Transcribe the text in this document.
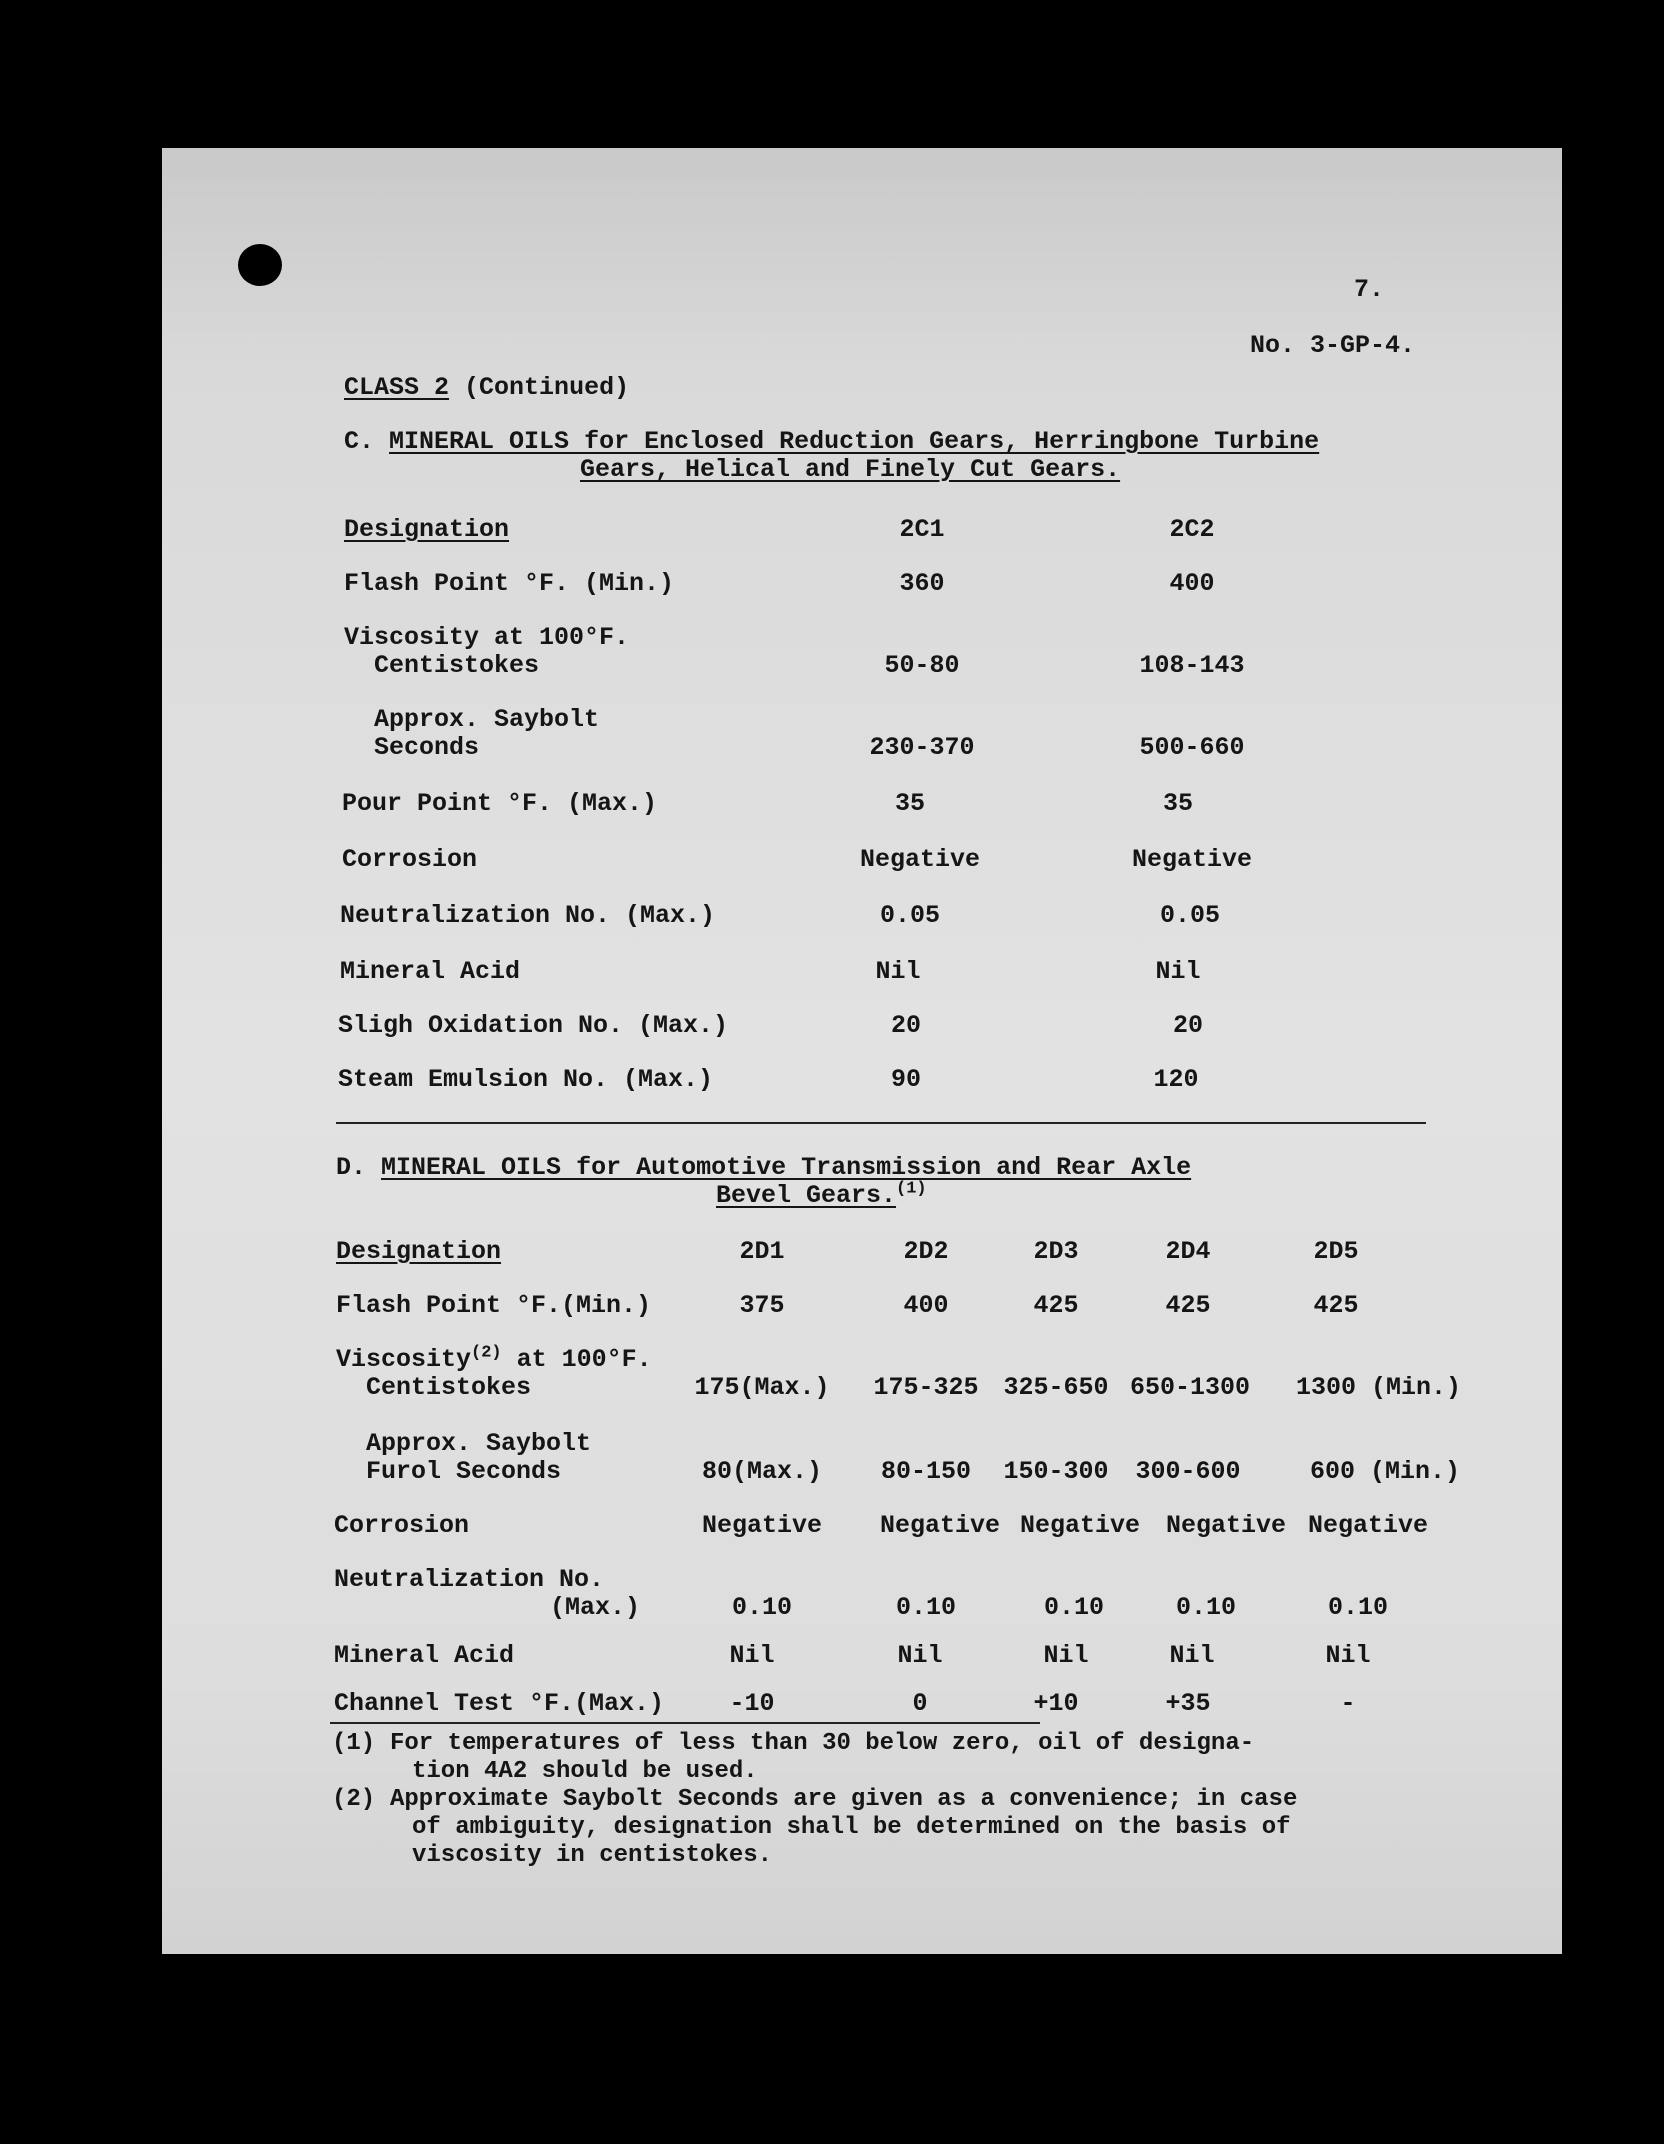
7.
No. 3-GP-4.
CLASS 2 (Continued)
C. MINERAL OILS for Enclosed Reduction Gears, Herringbone Turbine
Gears, Helical and Finely Cut Gears.
Designation	2C1	2C2
Flash Point °F. (Min.)	360	400
Viscosity at 100°F.
Centistokes	50-80	108-143
Approx. Saybolt
Seconds	230-370	500-660
Pour Point °F. (Max.)	35	35
Corrosion	Negative	Negative
Neutralization No. (Max.)	0.05	0.05
Mineral Acid	Nil	Nil
Sligh Oxidation No. (Max.)	20	20
Steam Emulsion No. (Max.)	90	120
D. MINERAL OILS for Automotive Transmission and Rear Axle
Bevel Gears.$^{(1)}$
Designation	2D1	2D2	2D3	2D4	2D5
Flash Point °F.(Min.)	375	400	425	425	425
Viscosity$^{(2)}$ at 100°F.
Centistokes	175(Max.)	175-325 325-650 650-1300	1300 (Min.)
Approx. Saybolt
Furol Seconds	80(Max.)	80-150	150-300	300-600	600 (Min.)
Corrosion	Negative	Negative Negative	Negative Negative
Neutralization No.
(Max.)	0.10	0.10	0.10	0.10	0.10
Mineral Acid	Nil	Nil	Nil	Nil	Nil
Channel Test °F.(Max.)	-10	0	+10	+35	-
(1) For temperatures of less than 30 below zero, oil of designa-
tion 4A2 should be used.
(2) Approximate Saybolt Seconds are given as a convenience; in case
of ambiguity, designation shall be determined on the basis of
viscosity in centistokes.
